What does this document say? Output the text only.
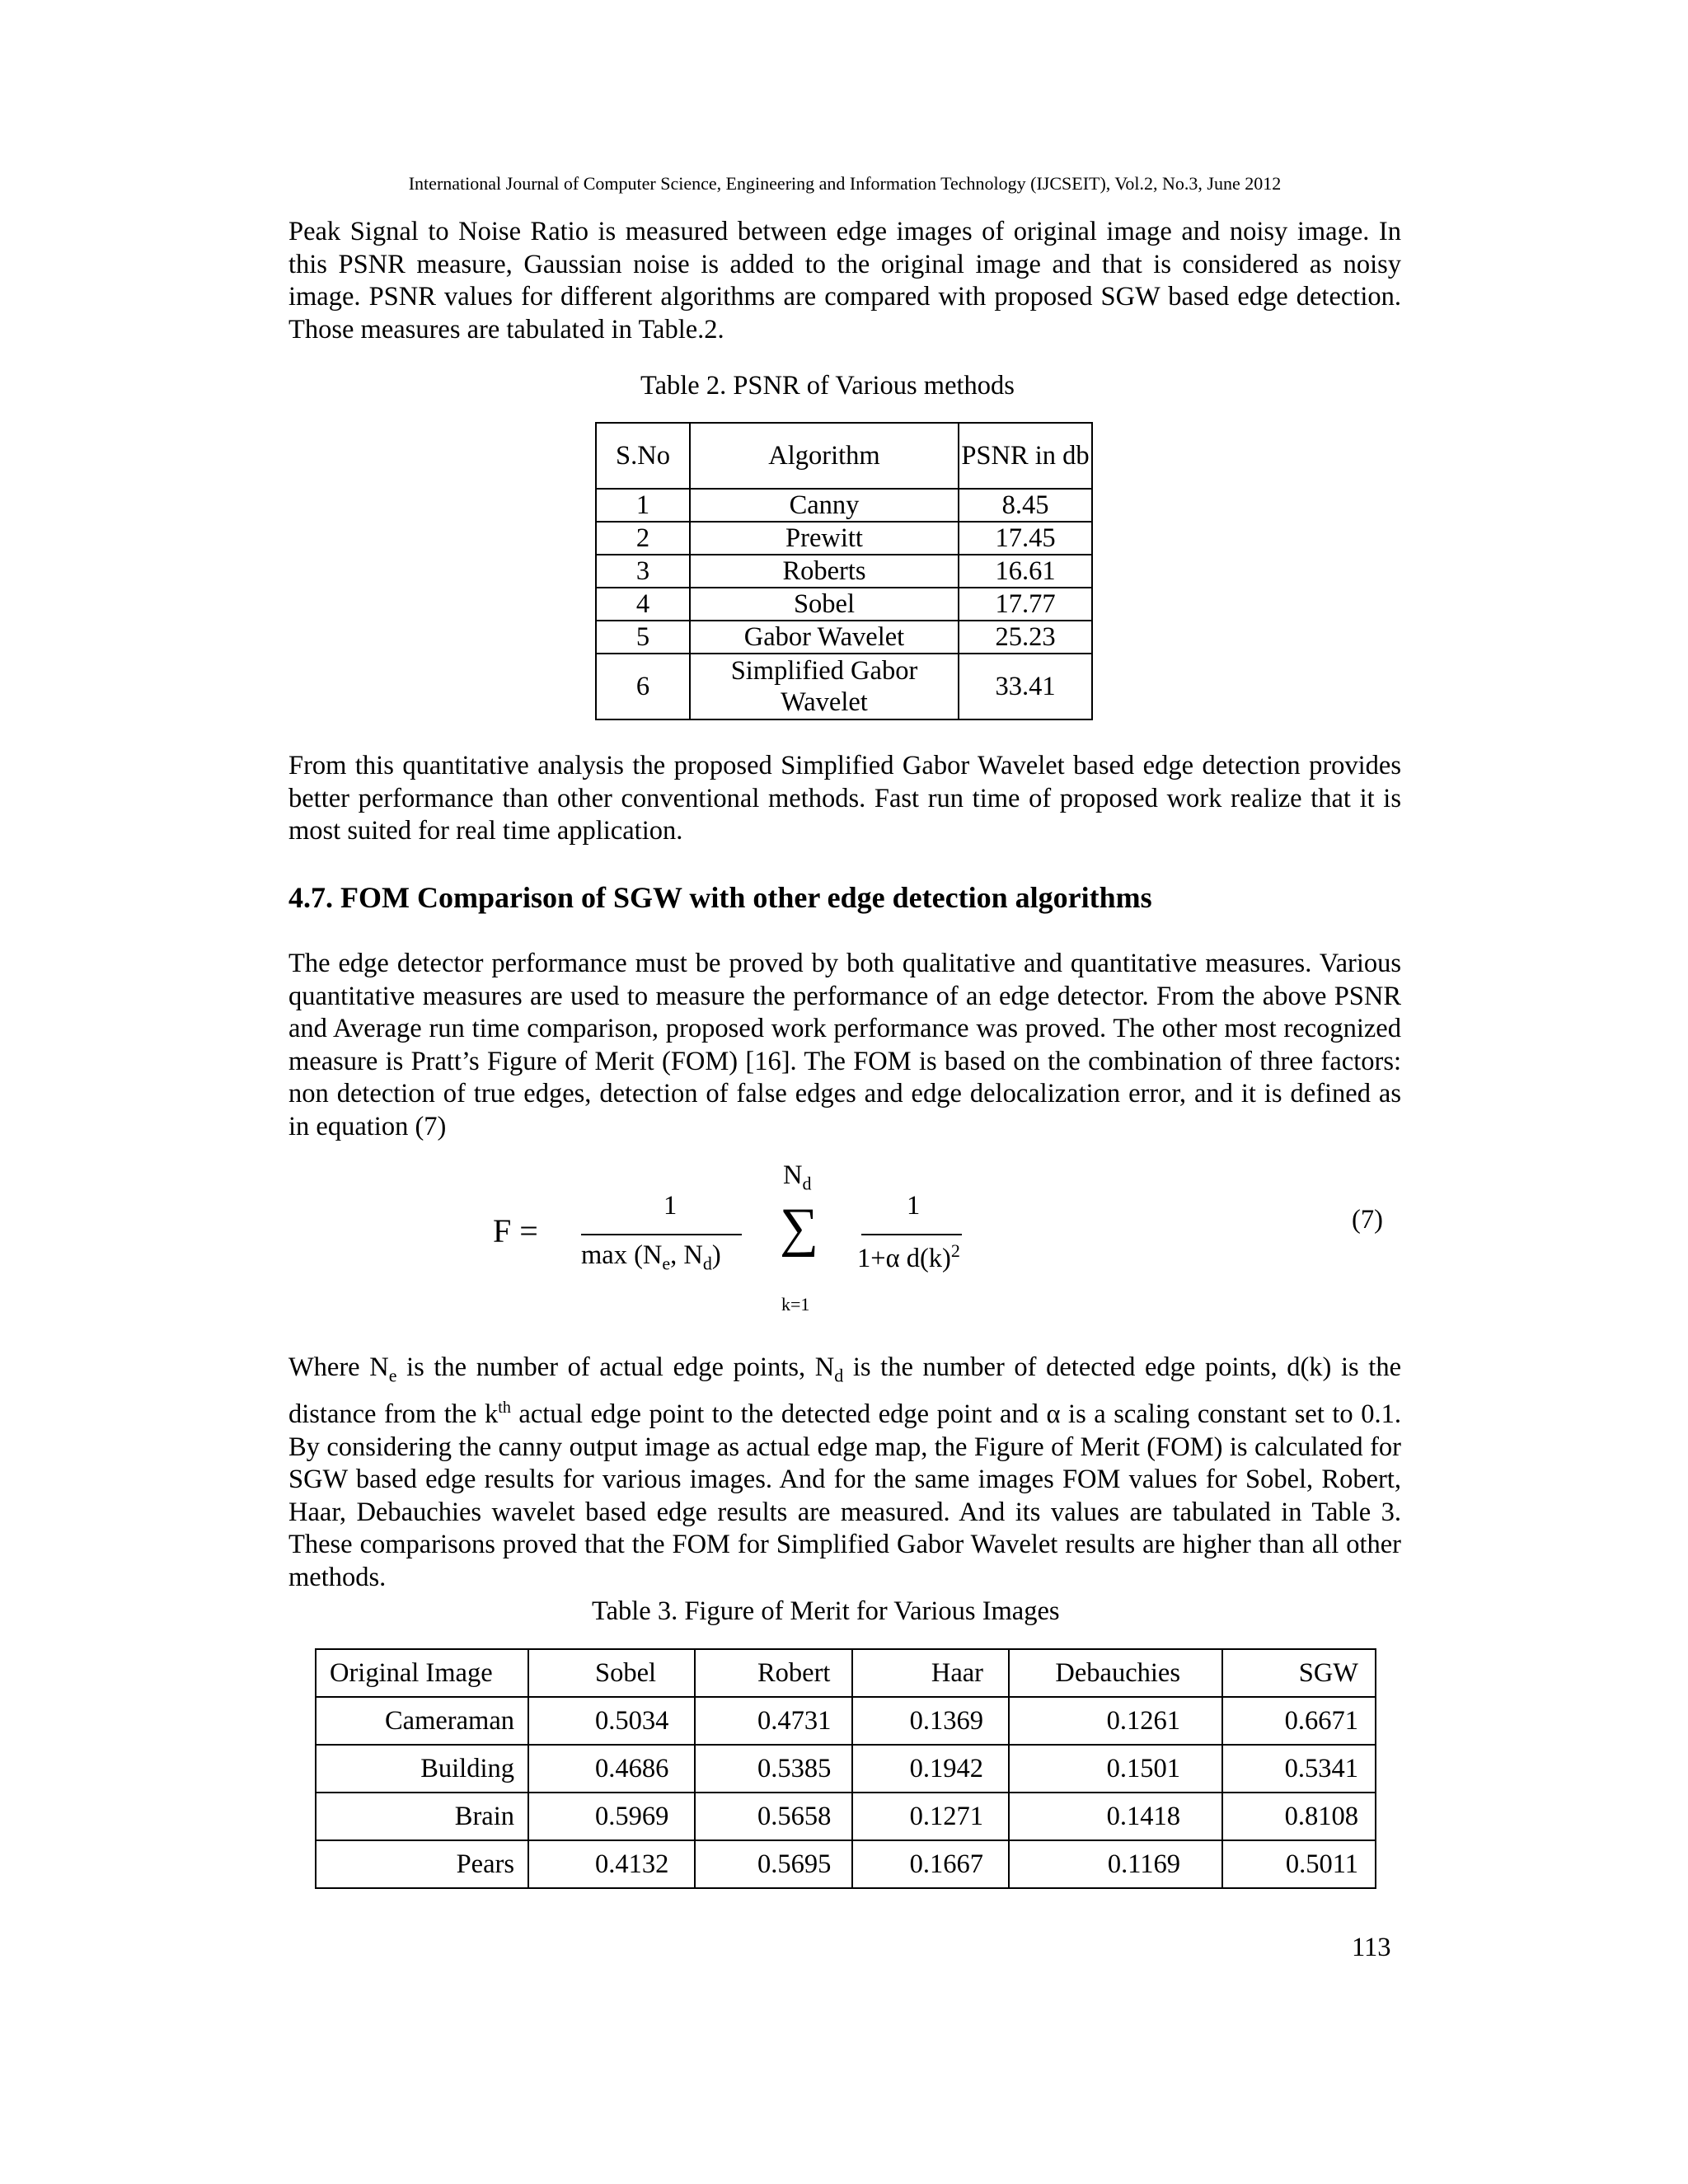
International Journal of Computer Science, Engineering and Information Technology (IJCSEIT), Vol.2, No.3, June 2012
Peak Signal to Noise Ratio is measured between edge images of original image and noisy image. In this PSNR measure, Gaussian noise is added to the original image and that is considered as noisy image. PSNR values for different algorithms are compared with proposed SGW based edge detection. Those measures are tabulated in Table.2.
Table 2. PSNR of Various methods
S.No	Algorithm	PSNR in db
1	Canny	8.45
2	Prewitt	17.45
3	Roberts	16.61
4	Sobel	17.77
5	Gabor Wavelet	25.23
6	Simplified Gabor Wavelet	33.41
From this quantitative analysis the proposed Simplified Gabor Wavelet based edge detection provides better performance than other conventional methods. Fast run time of proposed work realize that it is most suited for real time application.
4.7. FOM Comparison of SGW with other edge detection algorithms
The edge detector performance must be proved by both qualitative and quantitative measures. Various quantitative measures are used to measure the performance of an edge detector. From the above PSNR and Average run time comparison, proposed work performance was proved. The other most recognized measure is Pratt’s Figure of Merit (FOM) [16]. The FOM is based on the combination of three factors: non detection of true edges, detection of false edges and edge delocalization error, and it is defined as in equation (7)
F =
1
$\max (N_e$, $N_d$)
$N_d$
∑
k=1
1
1+α $d(k)^2$
(7)
Where $N_e$ is the number of actual edge points, $N_d$ is the number of detected edge points, d(k) is the distance from the $k^{th}$ actual edge point to the detected edge point and α is a scaling constant set to 0.1. By considering the canny output image as actual edge map, the Figure of Merit (FOM) is calculated for SGW based edge results for various images. And for the same images FOM values for Sobel, Robert, Haar, Debauchies wavelet based edge results are measured. And its values are tabulated in Table 3. These comparisons proved that the FOM for Simplified Gabor Wavelet results are higher than all other methods.
Table 3. Figure of Merit for Various Images
Original Image	Sobel	Robert	Haar	Debauchies	SGW
Cameraman	0.5034	0.4731	0.1369	0.1261	0.6671
Building	0.4686	0.5385	0.1942	0.1501	0.5341
Brain	0.5969	0.5658	0.1271	0.1418	0.8108
Pears	0.4132	0.5695	0.1667	0.1169	0.5011
113
